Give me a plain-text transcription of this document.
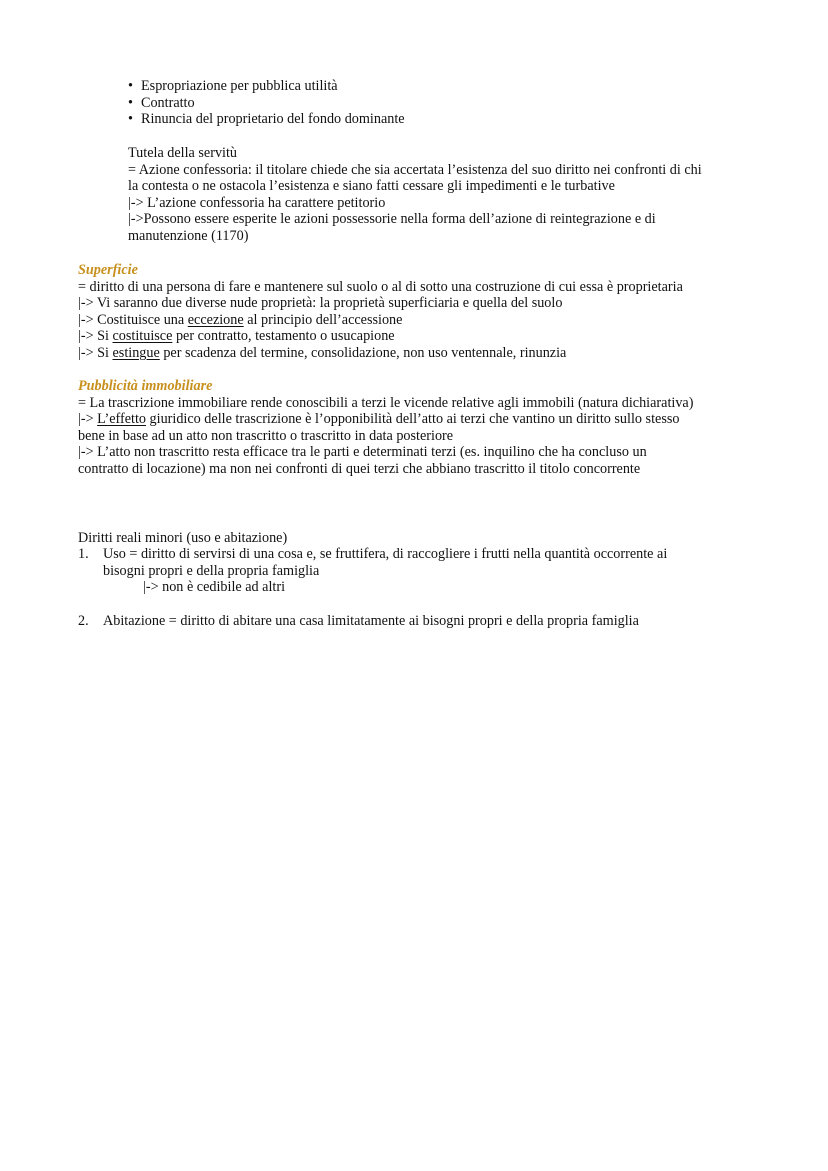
• Espropriazione per pubblica utilità
• Contratto
• Rinuncia del proprietario del fondo dominante
Tutela della servitù
= Azione confessoria: il titolare chiede che sia accertata l’esistenza del suo diritto nei confronti di chi
la contesta o ne ostacola l’esistenza e siano fatti cessare gli impedimenti e le turbative
|-> L’azione confessoria ha carattere petitorio
|->Possono essere esperite le azioni possessorie nella forma dell’azione di reintegrazione e di
manutenzione (1170)
Superficie
= diritto di una persona di fare e mantenere sul suolo o al di sotto una costruzione di cui essa è proprietaria
|-> Vi saranno due diverse nude proprietà: la proprietà superficiaria e quella del suolo
|-> Costituisce una eccezione al principio dell’accessione
|-> Si costituisce per contratto, testamento o usucapione
|-> Si estingue per scadenza del termine, consolidazione, non uso ventennale, rinunzia
Pubblicità immobiliare
= La trascrizione immobiliare rende conoscibili a terzi le vicende relative agli immobili (natura dichiarativa)
|-> L’effetto giuridico delle trascrizione è l’opponibilità dell’atto ai terzi che vantino un diritto sullo stesso
bene in base ad un atto non trascritto o trascritto in data posteriore
|-> L’atto non trascritto resta efficace tra le parti e determinati terzi (es. inquilino che ha concluso un
contratto di locazione) ma non nei confronti di quei terzi che abbiano trascritto il titolo concorrente
Diritti reali minori (uso e abitazione)
1. Uso = diritto di servirsi di una cosa e, se fruttifera, di raccogliere i frutti nella quantità occorrente ai
bisogni propri e della propria famiglia
|-> non è cedibile ad altri
2. Abitazione = diritto di abitare una casa limitatamente ai bisogni propri e della propria famiglia
